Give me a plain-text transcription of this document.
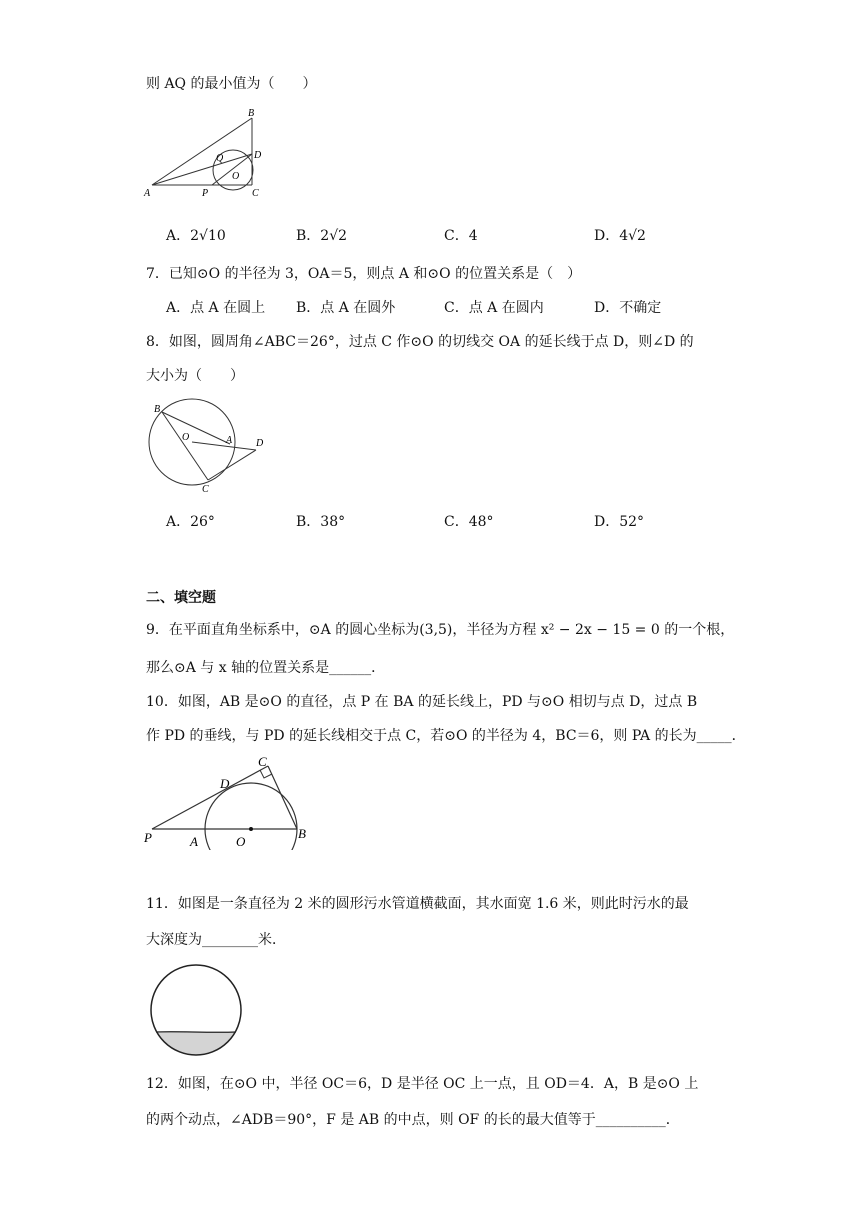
则 AQ 的最小值为（　　）
B
Q	D
O
A	P	C
A．2√10	B．2√2	C．4	D．4√2
7．已知⊙O 的半径为 3，OA＝5，则点 A 和⊙O 的位置关系是（　）
A．点 A 在圆上 B．点 A 在圆外	C．点 A 在圆内	D．不确定
8．如图，圆周角∠ABC＝26°，过点 C 作⊙O 的切线交 OA 的延长线于点 D，则∠D 的
大小为（　　）
B
O	A D
C
A．26°	B．38°	C．48°	D．52°
二、填空题
9．在平面直角坐标系中，⊙A 的圆心坐标为(3,5)，半径为方程 x² − 2x − 15 = 0 的一个根，
那么⊙A 与 x 轴的位置关系是______．
10．如图，AB 是⊙O 的直径，点 P 在 BA 的延长线上，PD 与⊙O 相切与点 D，过点 B
作 PD 的垂线，与 PD 的延长线相交于点 C，若⊙O 的半径为 4，BC＝6，则 PA 的长为_____．
C
D
P	A	O
B
11．如图是一条直径为 2 米的圆形污水管道横截面，其水面宽 1.6 米，则此时污水的最
大深度为________米．
12．如图，在⊙O 中，半径 OC＝6，D 是半径 OC 上一点，且 OD＝4．A，B 是⊙O 上
的两个动点，∠ADB＝90°，F 是 AB 的中点，则 OF 的长的最大值等于__________．
